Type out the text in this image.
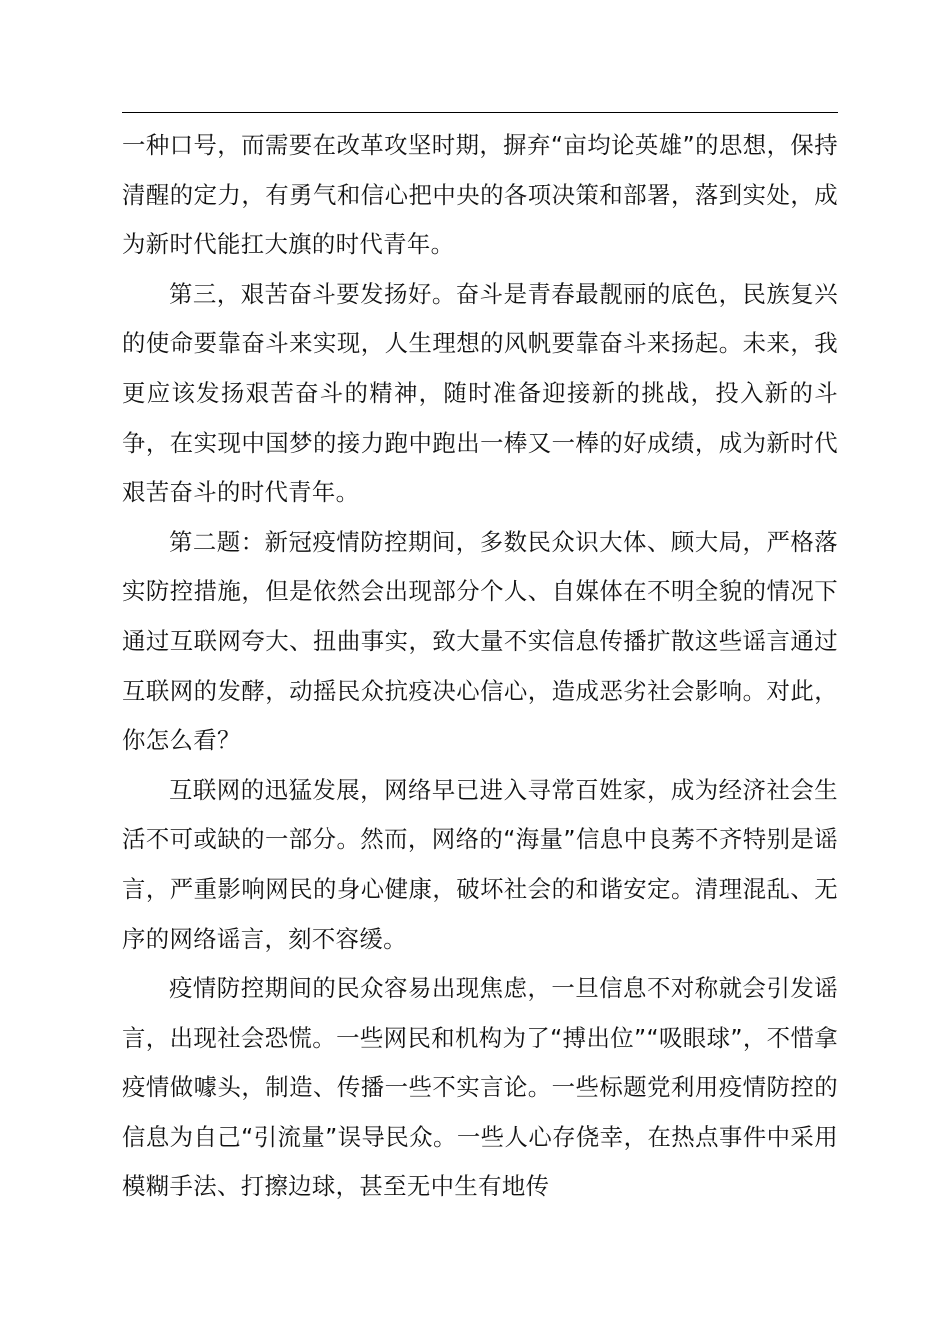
一种口号，而需要在改革攻坚时期，摒弃“亩均论英雄”的思想，保持清醒的定力，有勇气和信心把中央的各项决策和部署，落到实处，成为新时代能扛大旗的时代青年。

第三，艰苦奋斗要发扬好。奋斗是青春最靓丽的底色，民族复兴的使命要靠奋斗来实现，人生理想的风帆要靠奋斗来扬起。未来，我更应该发扬艰苦奋斗的精神，随时准备迎接新的挑战，投入新的斗争，在实现中国梦的接力跑中跑出一棒又一棒的好成绩，成为新时代艰苦奋斗的时代青年。

第二题：新冠疫情防控期间，多数民众识大体、顾大局，严格落实防控措施，但是依然会出现部分个人、自媒体在不明全貌的情况下通过互联网夸大、扭曲事实，致大量不实信息传播扩散这些谣言通过互联网的发酵，动摇民众抗疫决心信心，造成恶劣社会影响。对此，你怎么看？

互联网的迅猛发展，网络早已进入寻常百姓家，成为经济社会生活不可或缺的一部分。然而，网络的“海量”信息中良莠不齐特别是谣言，严重影响网民的身心健康，破坏社会的和谐安定。清理混乱、无序的网络谣言，刻不容缓。

疫情防控期间的民众容易出现焦虑，一旦信息不对称就会引发谣言，出现社会恐慌。一些网民和机构为了“搏出位”“吸眼球”，不惜拿疫情做噱头，制造、传播一些不实言论。一些标题党利用疫情防控的信息为自己“引流量”误导民众。一些人心存侥幸，在热点事件中采用模糊手法、打擦边球，甚至无中生有地传
